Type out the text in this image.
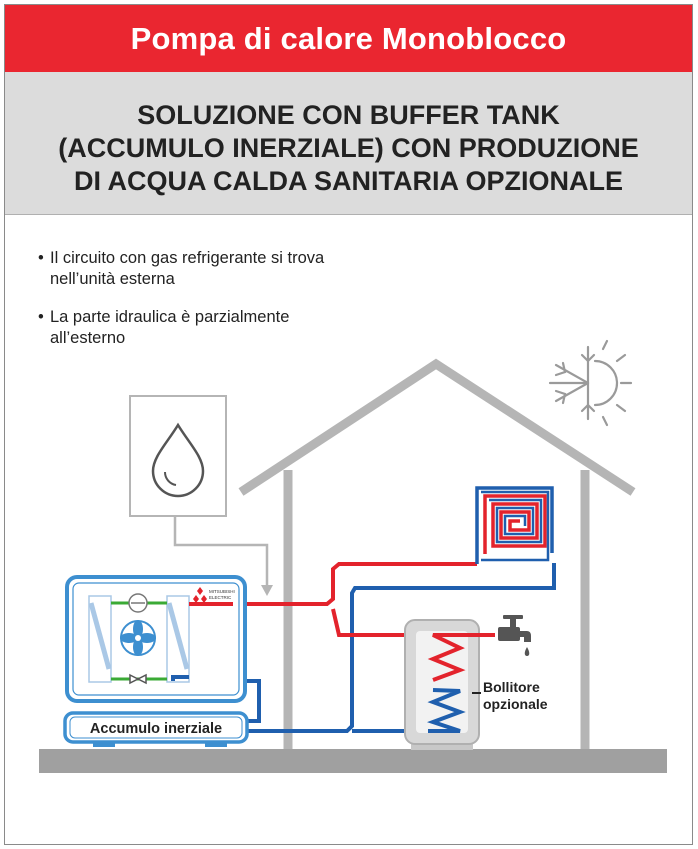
Pompa di calore Monoblocco
SOLUZIONE CON BUFFER TANK
(ACCUMULO INERZIALE) CON PRODUZIONE
DI ACQUA CALDA SANITARIA OPZIONALE
• Il circuito con gas refrigerante si trova
nell’unità esterna
• La parte idraulica è parzialmente
all’esterno
Bollitore
opzionale
MITSUBISHI
ELECTRIC
Accumulo inerziale
